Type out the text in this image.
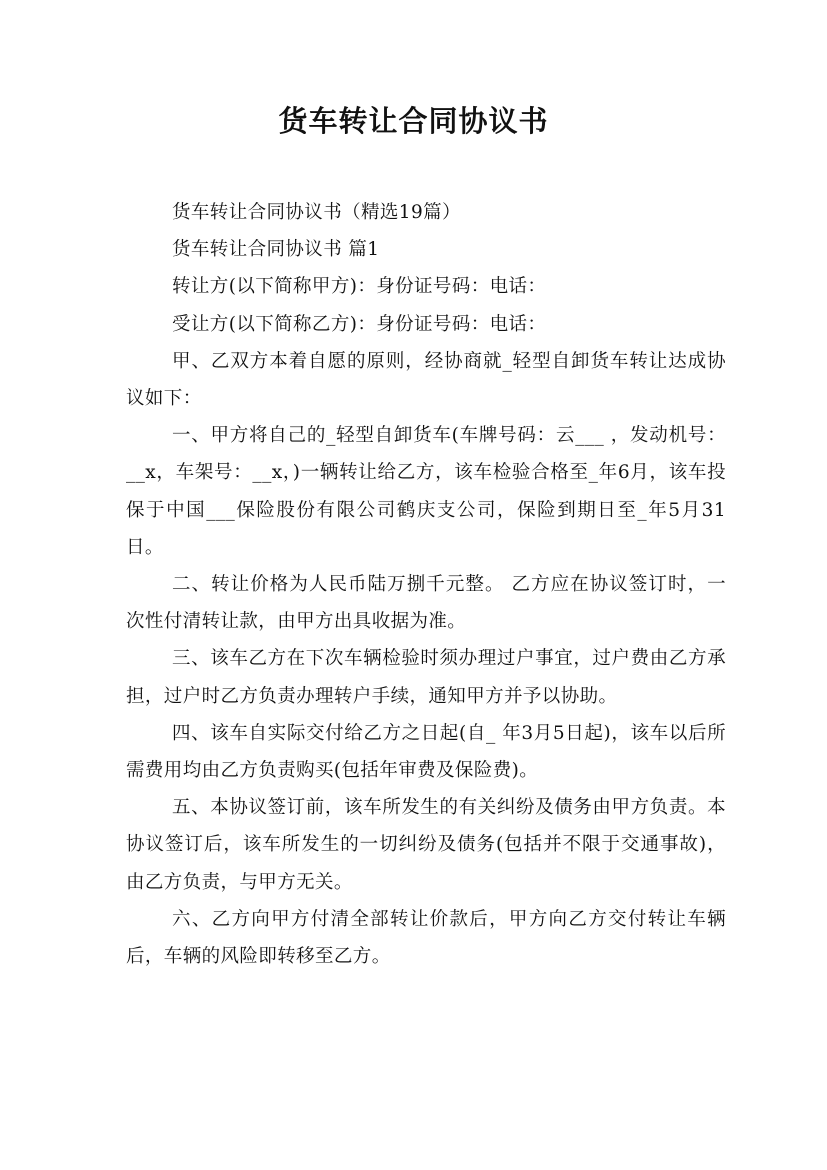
货车转让合同协议书

货车转让合同协议书（精选19篇）

货车转让合同协议书 篇1

转让方(以下简称甲方)：身份证号码：电话：

受让方(以下简称乙方)：身份证号码：电话：

甲、乙双方本着自愿的原则，经协商就_轻型自卸货车转让达成协议如下：

一、甲方将自己的_轻型自卸货车(车牌号码：云___ ，发动机号：__x，车架号：__x，)一辆转让给乙方，该车检验合格至_年6月，该车投保于中国___保险股份有限公司鹤庆支公司，保险到期日至_年5月31日。

二、转让价格为人民币陆万捌千元整。 乙方应在协议签订时，一次性付清转让款，由甲方出具收据为准。

三、该车乙方在下次车辆检验时须办理过户事宜，过户费由乙方承担，过户时乙方负责办理转户手续，通知甲方并予以协助。

四、该车自实际交付给乙方之日起(自_ 年3月5日起)，该车以后所需费用均由乙方负责购买(包括年审费及保险费)。

五、本协议签订前，该车所发生的有关纠纷及债务由甲方负责。本协议签订后，该车所发生的一切纠纷及债务(包括并不限于交通事故)，由乙方负责，与甲方无关。

六、乙方向甲方付清全部转让价款后，甲方向乙方交付转让车辆后，车辆的风险即转移至乙方。
